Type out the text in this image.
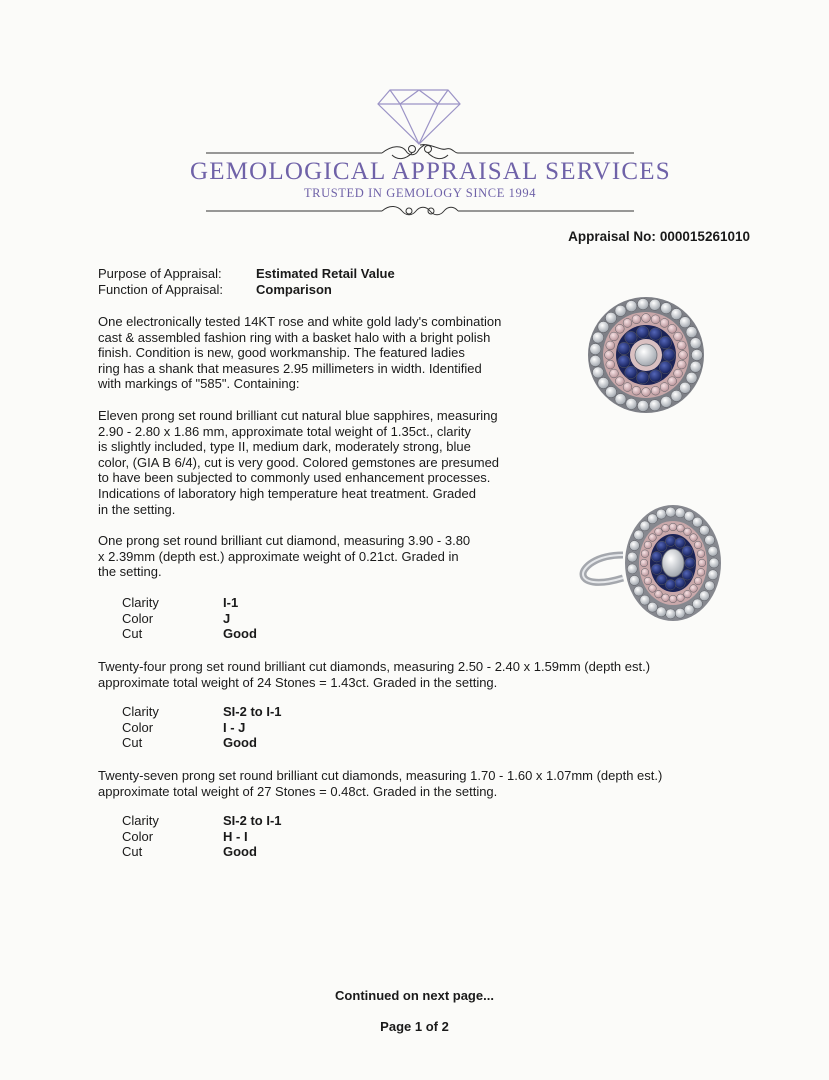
GEMOLOGICAL APPRAISAL SERVICES
TRUSTED IN GEMOLOGY SINCE 1994
Appraisal No: 000015261010
Purpose of Appraisal:	Estimated Retail Value
Function of Appraisal:	Comparison

One electronically tested 14KT rose and white gold lady's combination
cast & assembled fashion ring with a basket halo with a bright polish
finish. Condition is new, good workmanship. The featured ladies
ring has a shank that measures 2.95 millimeters in width. Identified
with markings of "585". Containing:

Eleven prong set round brilliant cut natural blue sapphires, measuring
2.90 - 2.80 x 1.86 mm, approximate total weight of 1.35ct., clarity
is slightly included, type II, medium dark, moderately strong, blue
color, (GIA B 6/4), cut is very good. Colored gemstones are presumed
to have been subjected to commonly used enhancement processes.
Indications of laboratory high temperature heat treatment. Graded
in the setting.

One prong set round brilliant cut diamond, measuring 3.90 - 3.80
x 2.39mm (depth est.) approximate weight of 0.21ct. Graded in
the setting.

Clarity	I-1
Color	J
Cut	Good

Twenty-four prong set round brilliant cut diamonds, measuring 2.50 - 2.40 x 1.59mm (depth est.)
approximate total weight of 24 Stones = 1.43ct. Graded in the setting.

Clarity	SI-2 to I-1
Color	I - J
Cut	Good

Twenty-seven prong set round brilliant cut diamonds, measuring 1.70 - 1.60 x 1.07mm (depth est.)
approximate total weight of 27 Stones = 0.48ct. Graded in the setting.

Clarity	SI-2 to I-1
Color	H - I
Cut	Good
Continued on next page...
Page 1 of 2
